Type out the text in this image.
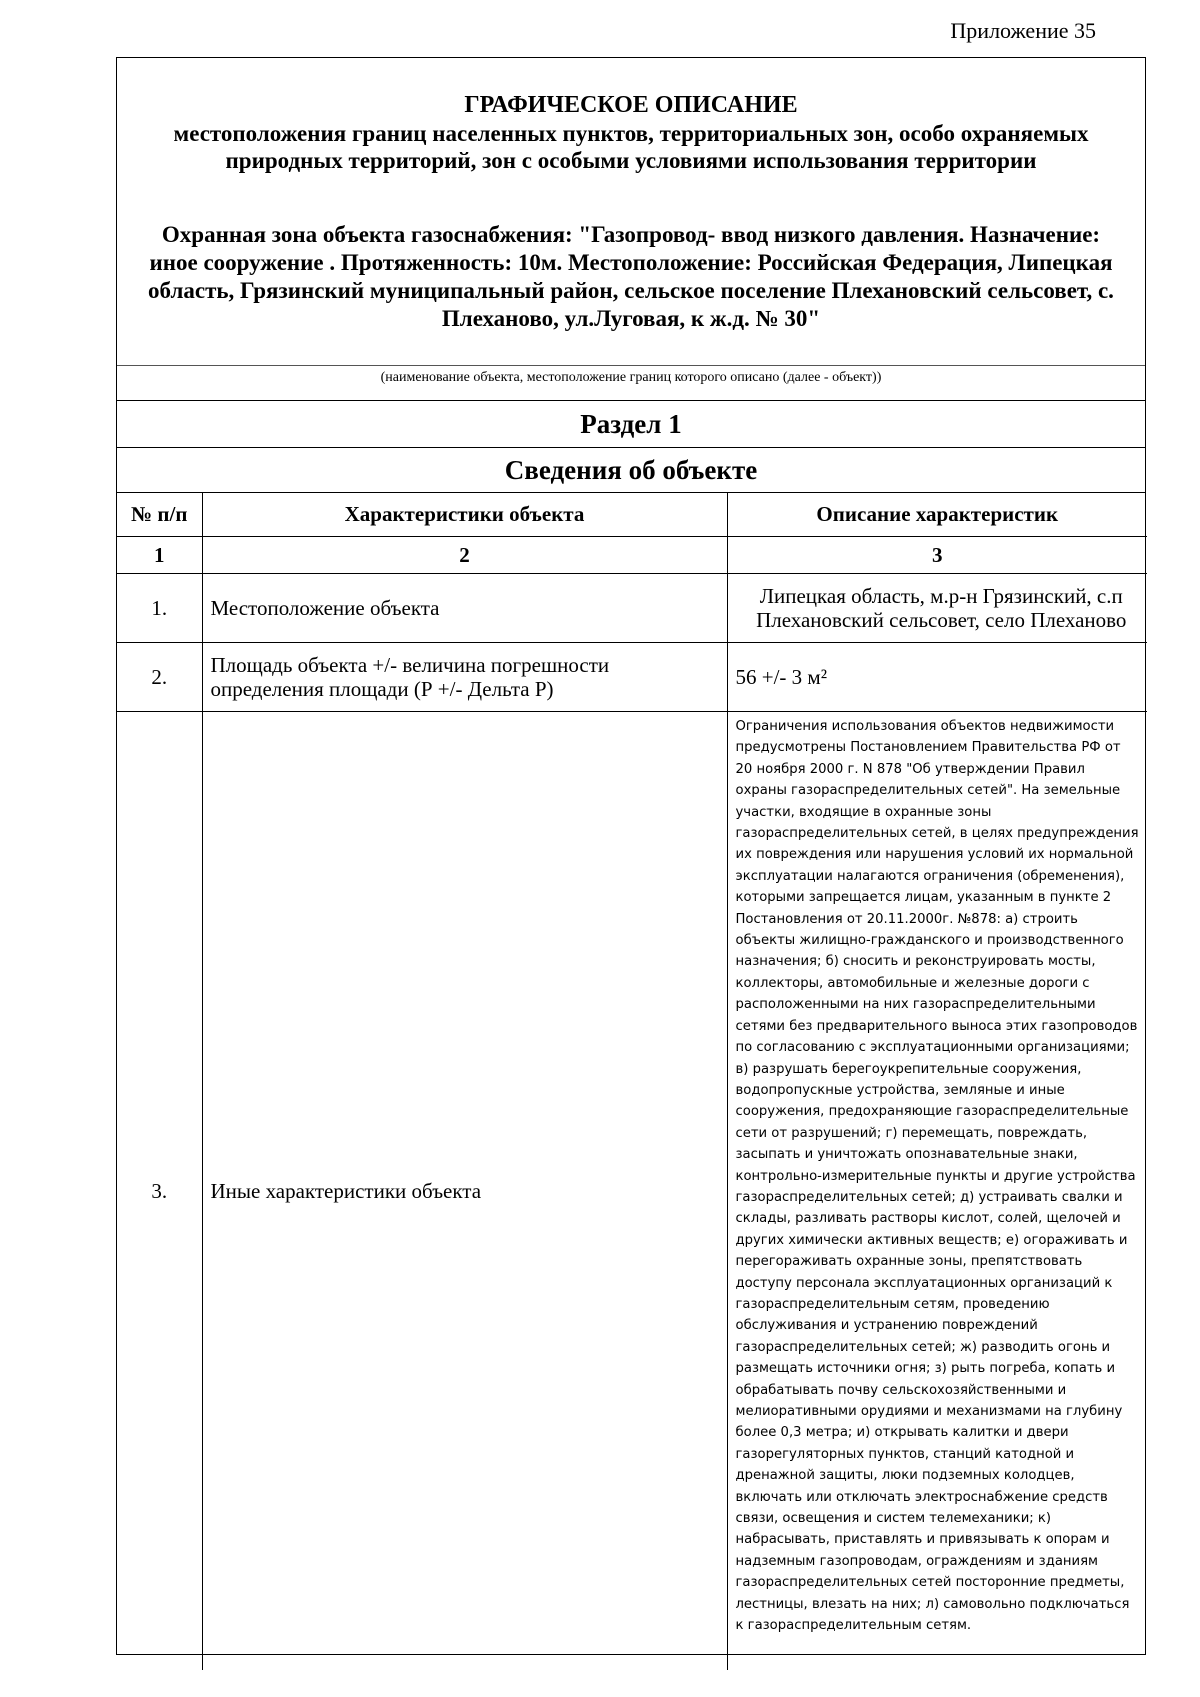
Приложение 35
ГРАФИЧЕСКОЕ ОПИСАНИЕ
местоположения границ населенных пунктов, территориальных зон, особо охраняемых природных территорий, зон с особыми условиями использования территории
Охранная зона объекта газоснабжения: "Газопровод- ввод низкого давления. Назначение: иное сооружение . Протяженность: 10м. Местоположение: Российская Федерация, Липецкая область, Грязинский муниципальный район, сельское поселение Плехановский сельсовет, с. Плеханово, ул.Луговая, к ж.д. № 30"
(наименование объекта, местоположение границ которого описано (далее - объект))
Раздел 1
Сведения об объекте
№ п/п	Характеристики объекта	Описание характеристик
1	2	3
1.	Местоположение объекта	Липецкая область, м.р-н Грязинский, с.п Плехановский сельсовет, село Плеханово
2.	Площадь объекта +/- величина погрешности определения площади (Р +/- Дельта Р)	56 +/- 3 м²
3.	Иные характеристики объекта	Ограничения использования объектов недвижимости предусмотрены Постановлением Правительства РФ от 20 ноября 2000 г. N 878 "Об утверждении Правил охраны газораспределительных сетей". На земельные участки, входящие в охранные зоны газораспределительных сетей, в целях предупреждения их повреждения или нарушения условий их нормальной эксплуатации налагаются ограничения (обременения), которыми запрещается лицам, указанным в пункте 2 Постановления от 20.11.2000г. №878: а) строить объекты жилищно-гражданского и производственного назначения; б) сносить и реконструировать мосты, коллекторы, автомобильные и железные дороги с расположенными на них газораспределительными сетями без предварительного выноса этих газопроводов по согласованию с эксплуатационными организациями; в) разрушать берегоукрепительные сооружения, водопропускные устройства, земляные и иные сооружения, предохраняющие газораспределительные сети от разрушений; г) перемещать, повреждать, засыпать и уничтожать опознавательные знаки, контрольно-измерительные пункты и другие устройства газораспределительных сетей; д) устраивать свалки и склады, разливать растворы кислот, солей, щелочей и других химически активных веществ; е) огораживать и перегораживать охранные зоны, препятствовать доступу персонала эксплуатационных организаций к газораспределительным сетям, проведению обслуживания и устранению повреждений газораспределительных сетей; ж) разводить огонь и размещать источники огня; з) рыть погреба, копать и обрабатывать почву сельскохозяйственными и мелиоративными орудиями и механизмами на глубину более 0,3 метра; и) открывать калитки и двери газорегуляторных пунктов, станций катодной и дренажной защиты, люки подземных колодцев, включать или отключать электроснабжение средств связи, освещения и систем телемеханики; к) набрасывать, приставлять и привязывать к опорам и надземным газопроводам, ограждениям и зданиям газораспределительных сетей посторонние предметы, лестницы, влезать на них; л) самовольно подключаться к газораспределительным сетям.
